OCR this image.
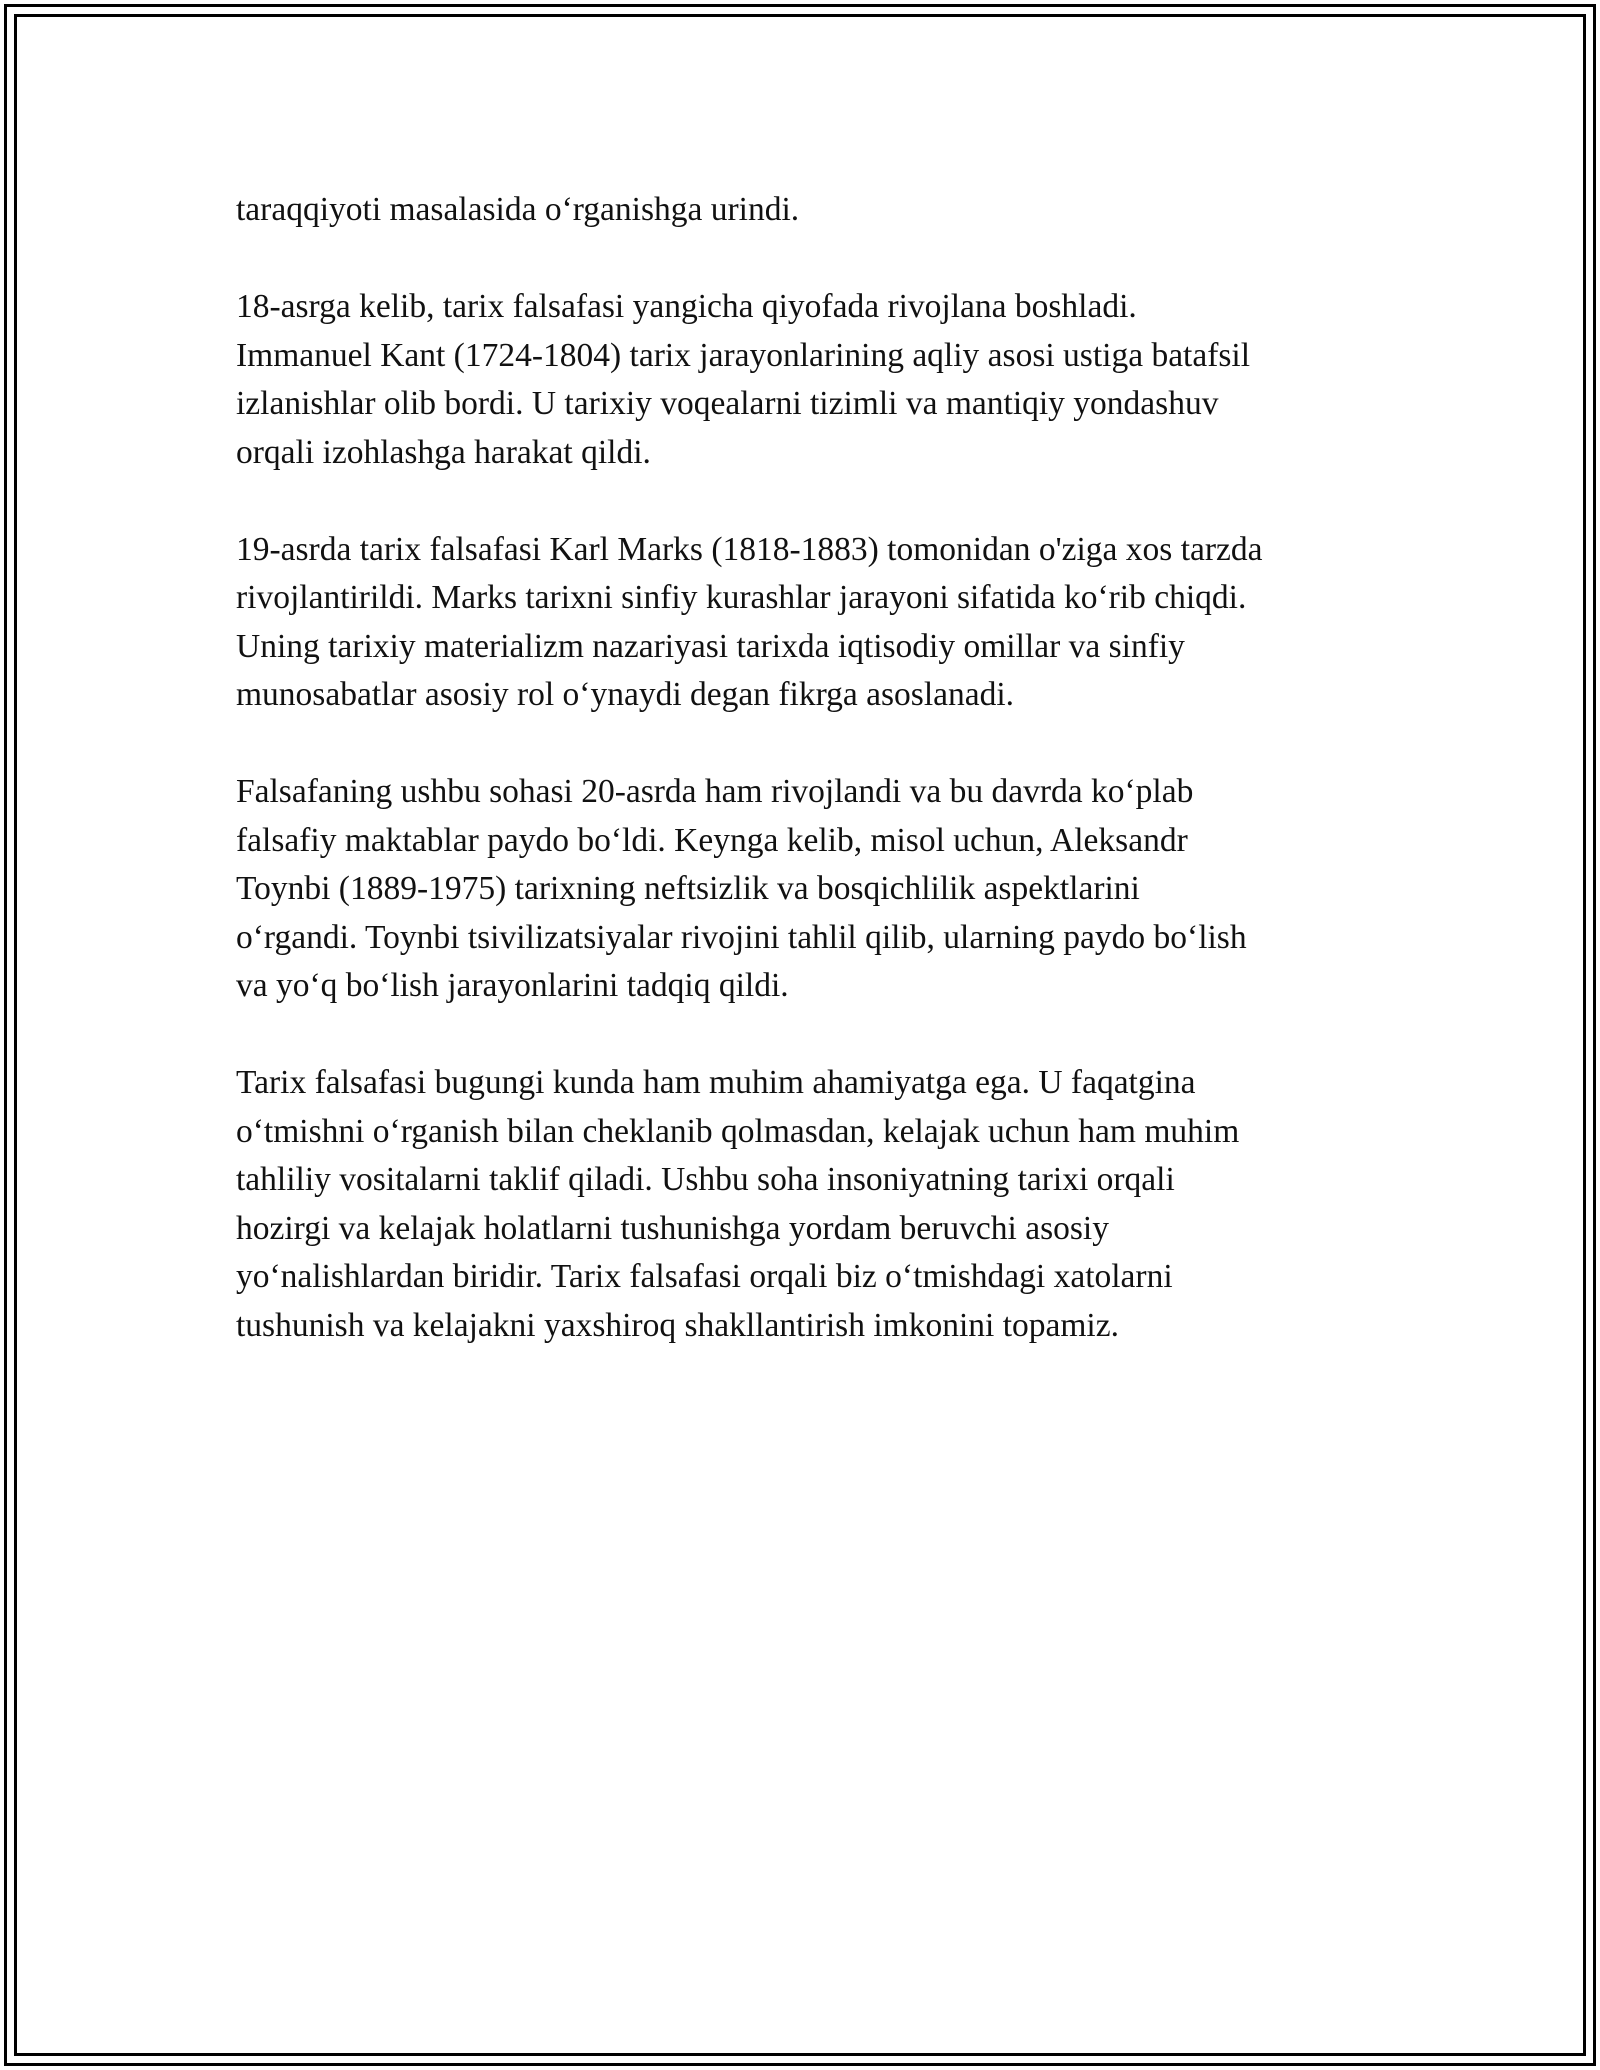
taraqqiyoti masalasida oʻrganishga urindi.

18-asrga kelib, tarix falsafasi yangicha qiyofada rivojlana boshladi.
Immanuel Kant (1724-1804) tarix jarayonlarining aqliy asosi ustiga batafsil
izlanishlar olib bordi. U tarixiy voqealarni tizimli va mantiqiy yondashuv
orqali izohlashga harakat qildi.

19-asrda tarix falsafasi Karl Marks (1818-1883) tomonidan o'ziga xos tarzda
rivojlantirildi. Marks tarixni sinfiy kurashlar jarayoni sifatida koʻrib chiqdi.
Uning tarixiy materializm nazariyasi tarixda iqtisodiy omillar va sinfiy
munosabatlar asosiy rol oʻynaydi degan fikrga asoslanadi.

Falsafaning ushbu sohasi 20-asrda ham rivojlandi va bu davrda koʻplab
falsafiy maktablar paydo boʻldi. Keynga kelib, misol uchun, Aleksandr
Toynbi (1889-1975) tarixning neftsizlik va bosqichlilik aspektlarini
oʻrgandi. Toynbi tsivilizatsiyalar rivojini tahlil qilib, ularning paydo boʻlish
va yoʻq boʻlish jarayonlarini tadqiq qildi.

Tarix falsafasi bugungi kunda ham muhim ahamiyatga ega. U faqatgina
oʻtmishni oʻrganish bilan cheklanib qolmasdan, kelajak uchun ham muhim
tahliliy vositalarni taklif qiladi. Ushbu soha insoniyatning tarixi orqali
hozirgi va kelajak holatlarni tushunishga yordam beruvchi asosiy
yoʻnalishlardan biridir. Tarix falsafasi orqali biz oʻtmishdagi xatolarni
tushunish va kelajakni yaxshiroq shakllantirish imkonini topamiz.
